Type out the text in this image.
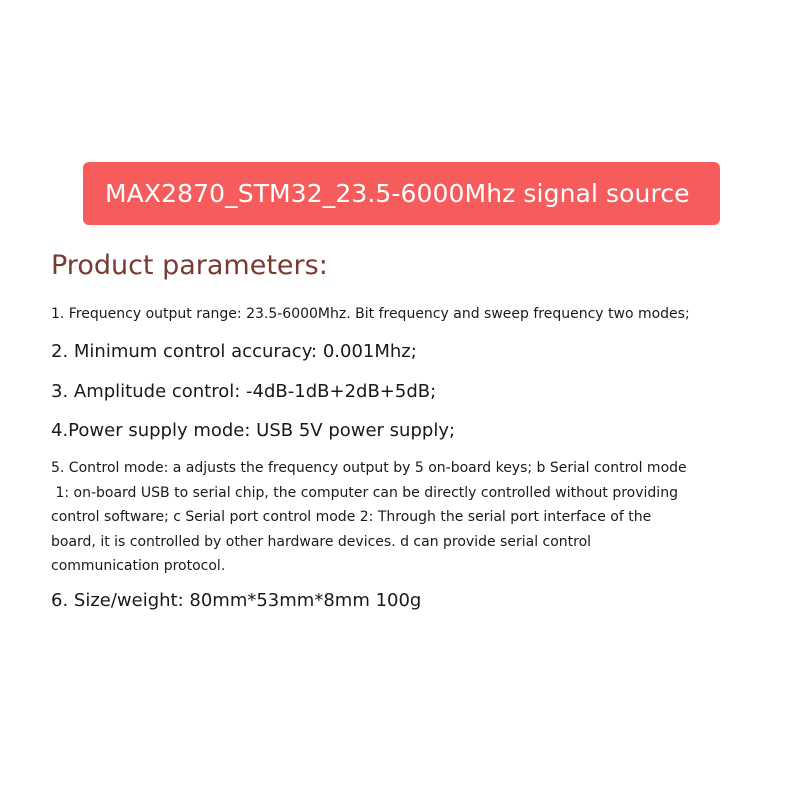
MAX2870_STM32_23.5-6000Mhz signal source
Product parameters:
1. Frequency output range: 23.5-6000Mhz. Bit frequency and sweep frequency two modes;
2. Minimum control accuracy: 0.001Mhz;
3. Amplitude control: -4dB-1dB+2dB+5dB;
4.Power supply mode: USB 5V power supply;
5. Control mode: a adjusts the frequency output by 5 on-board keys; b Serial control mode
1: on-board USB to serial chip, the computer can be directly controlled without providing
control software; c Serial port control mode 2: Through the serial port interface of the
board, it is controlled by other hardware devices. d can provide serial control
communication protocol.
6. Size/weight: 80mm*53mm*8mm 100g
